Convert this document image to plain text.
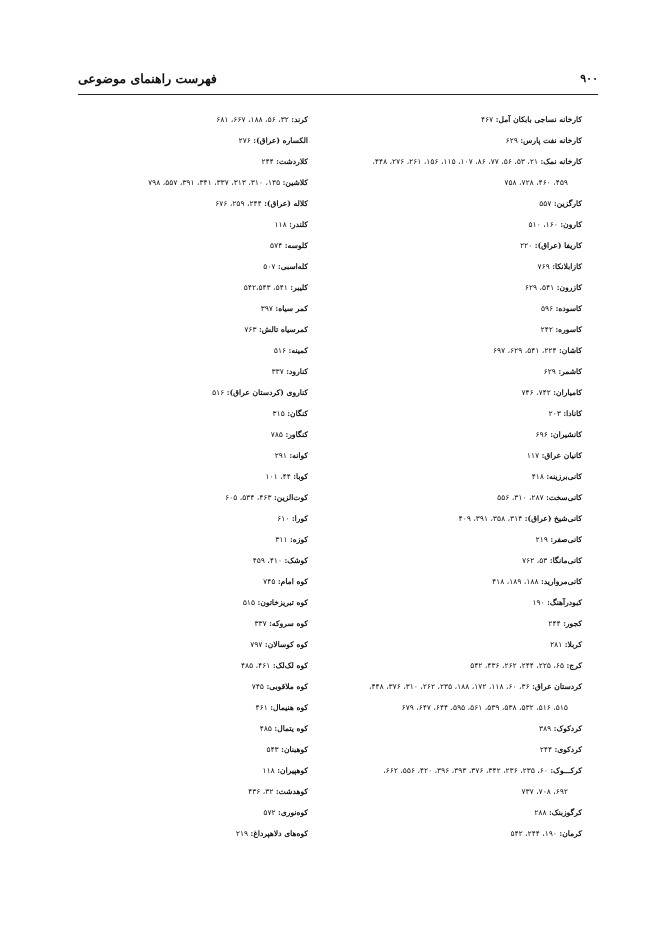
فهرست راهنمای موضوعی	۹۰۰
کارخانه نساجی بابکان آمل: ۴۶۷
کارخانه نفت پارس: ۶۲۹
کارخانه نمک: ۲۱، ۵۳، ۵۶، ۷۷، ۸۶، ۱۰۷، ۱۱۵، ۱۵۶، ۲۶۱، ۲۷۶، ۴۴۸،
۴۵۹، ۴۶۰، ۷۲۸، ۷۵۸
کارگزین: ۵۵۷
کارون: ۱۶۰، ۵۱۰
کاریفا (عراق): ۲۲۰
کازابلانکا: ۷۶۹
کازرون: ۵۴۱، ۶۲۹
کاسوده: ۵۹۶
کاسوره: ۲۴۲
کاشان: ۲۲۴، ۵۴۱، ۶۲۹، ۶۹۷
کاشمر: ۶۲۹
کامیاران: ۷۴۲، ۷۴۶
کانادا: ۲۰۳
کانشیران: ۶۹۶
کانیان عراق: ۱۱۷
کانی‌برزینه: ۴۱۸
کانی‌سخت: ۲۸۷، ۳۱۰، ۵۵۶
کانی‌شیخ (عراق): ۳۱۴، ۳۵۸، ۳۹۱، ۴۰۹
کانی‌صفر: ۲۱۹
کانی‌مانگا: ۵۳، ۷۶۲
کانی‌مروارید: ۱۸۸، ۱۸۹، ۴۱۸
کبودرآهنگ: ۱۹۰
کجور: ۲۴۴
کربلا: ۲۸۱
کرج: ۶۵، ۲۲۵، ۲۴۴، ۲۶۲، ۴۳۶، ۵۴۲
کردستان عراق: ۳۶، ۶۰، ۱۱۸، ۱۷۲، ۱۸۸، ۲۳۵، ۲۶۲، ۳۱۰، ۳۷۶، ۴۴۸،
۵۱۵، ۵۱۶، ۵۳۲، ۵۳۸، ۵۳۹، ۵۶۱، ۵۹۵، ۶۴۴، ۶۴۷، ۶۷۹
کردکوک: ۳۸۹
کردکوی: ۲۴۴
کرکـــوک: ۶۰، ۲۳۵، ۲۳۶، ۳۴۲، ۳۷۶، ۳۹۳، ۳۹۶، ۴۲۰، ۵۵۶، ۶۶۲،
۶۹۲، ۷۰۸، ۷۳۷
کرگوزبنک: ۲۸۸
کرمان: ۱۹۰، ۲۴۴، ۵۴۲
کرند: ۳۲، ۵۶، ۱۸۸، ۶۶۷، ۶۸۱
الکساره (عراق): ۲۷۶
کلاردشت: ۲۴۴
کلاشین: ۱۳۵، ۳۱۰، ۳۱۳، ۳۳۷، ۳۴۱، ۳۹۱، ۵۵۷، ۷۹۸
کلاله (عراق): ۲۴۴، ۲۵۹، ۶۷۶
کلندر: ۱۱۸
کلوسه: ۵۷۴
کله‌اسبی: ۵۰۷
کلیبر: ۵۴۱، ۵۴۲،۵۴۳
کمر سیاه: ۳۹۷
کمرسیاه تالش: ۷۶۳
کمینه: ۵۱۶
کنارود: ۳۳۷
کناروی (کردستان عراق): ۵۱۶
کنگان: ۳۱۵
کنگاور: ۷۸۵
کوانه: ۲۹۱
کوبا: ۴۴، ۱۰۱
کوت‌الزین: ۴۶۳، ۵۳۴، ۶۰۵
کورا: ۶۱۰
کوزه: ۳۱۱
کوشک: ۴۱۰، ۴۵۹
کوه امام: ۷۴۵
کوه تبریزخاتون: ۵۱۵
کوه سروکه: ۳۳۷
کوه کوسالان: ۷۹۷
کوه لک‌لک: ۴۶۱، ۴۸۵
کوه ملاقوبی: ۷۴۵
کوه هنیمال: ۴۶۱
کوه یتمال: ۴۸۵
کوهبنان: ۵۴۳
کوهپیران: ۱۱۸
کوهدشت: ۳۲، ۴۳۶
کوه‌نوری: ۵۷۲
کوه‌های دلاهپرداغ: ۲۱۹
